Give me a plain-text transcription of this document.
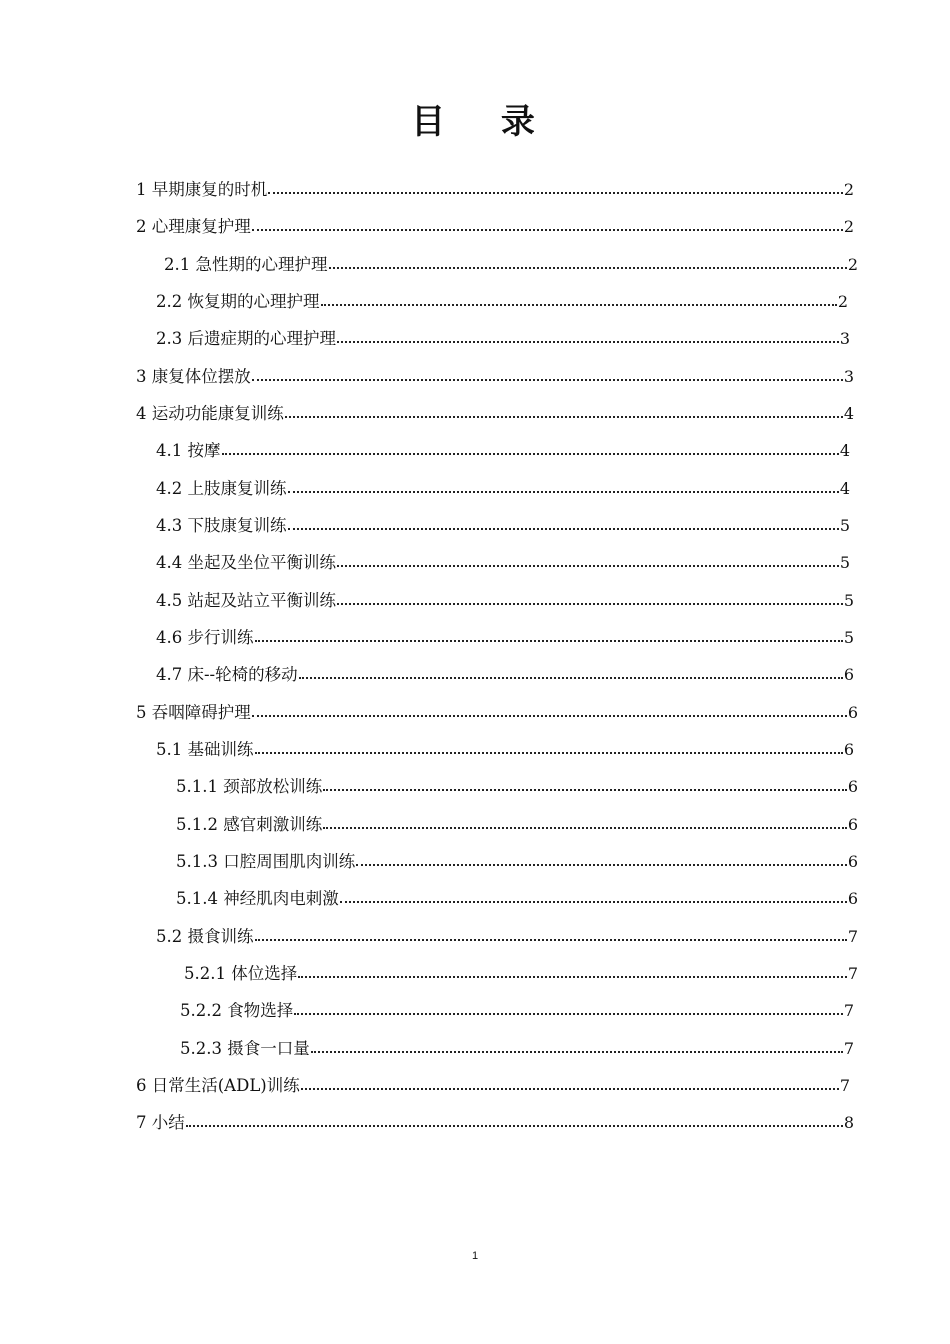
目 录
1 早期康复的时机	2
2 心理康复护理	2
2.1 急性期的心理护理	2
2.2 恢复期的心理护理	2
2.3 后遗症期的心理护理	3
3 康复体位摆放	3
4 运动功能康复训练	4
4.1 按摩	4
4.2 上肢康复训练	4
4.3 下肢康复训练	5
4.4 坐起及坐位平衡训练	5
4.5 站起及站立平衡训练	5
4.6 步行训练	5
4.7 床--轮椅的移动	6
5 吞咽障碍护理	6
5.1 基础训练	6
5.1.1 颈部放松训练	6
5.1.2 感官刺激训练	6
5.1.3 口腔周围肌肉训练	6
5.1.4 神经肌肉电刺激	6
5.2 摄食训练	7
5.2.1 体位选择	7
5.2.2 食物选择	7
5.2.3 摄食一口量	7
6 日常生活(ADL)训练	7
7 小结	8
1
